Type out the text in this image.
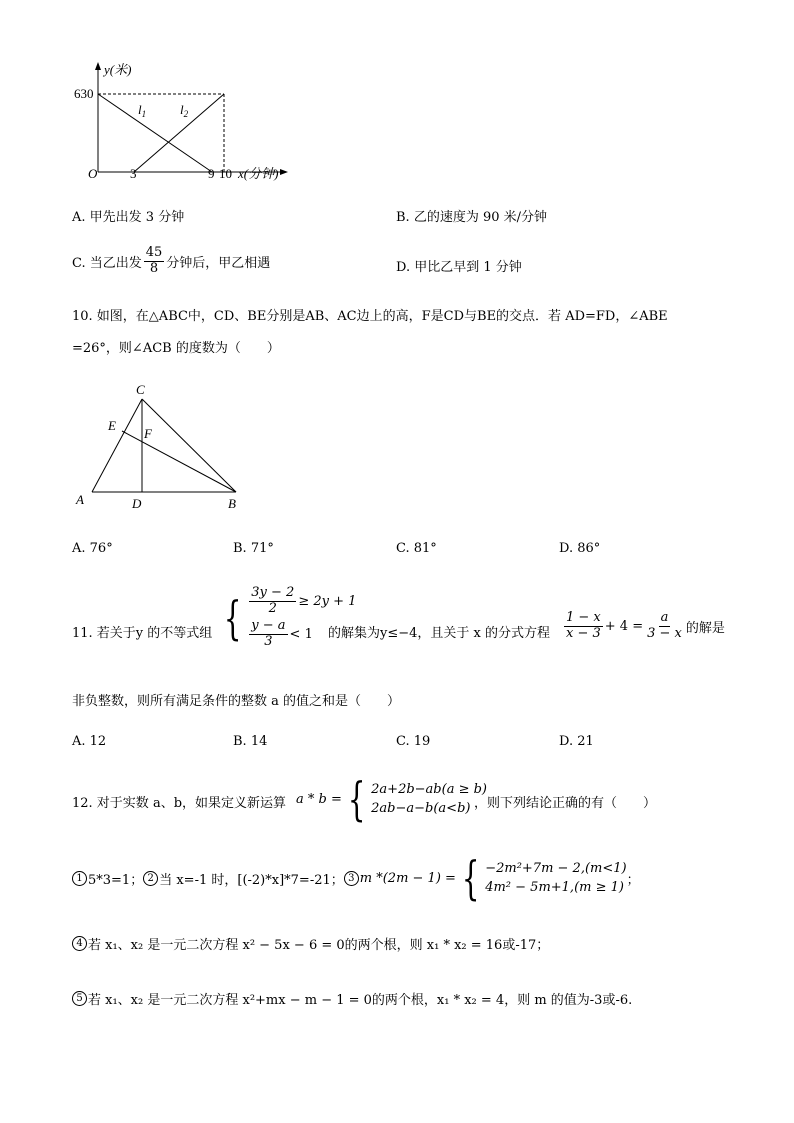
y(米)
630
O	3	9 10 x(分钟)
$l_1$	$l_2$
A. 甲先出发 3 分钟	B. 乙的速度为 90 米/分钟
C. 当乙出发 $\frac{45}{8}$ 分钟后，甲乙相遇	D. 甲比乙早到 1 分钟
10. 如图，在△ABC中，CD、BE分别是AB、AC边上的高，F是CD与BE的交点．若 AD=FD，∠ABE
=26°，则∠ACB 的度数为（　　）
C
E
F
A	D	B
A. 76°	B. 71°	C. 81°	D. 86°
11. 若关于y 的不等式组 { $\frac{3y - 2}{2} \ge 2y + 1$
$\frac{y - a}{3} < 1$ 的解集为y≤−4，且关于 x 的分式方程 $\frac{1 - x}{x - 3} + 4 = \frac{a}{3 - x}$ 的解是
非负整数，则所有满足条件的整数 a 的值之和是（　　）
A. 12	B. 14	C. 19	D. 21
12. 对于实数 a、b，如果定义新运算 a * b = { 2a+2b−ab(a ≥ b)
2ab−a−b(a<b) ，则下列结论正确的有（　　）
1 5*3=1； 2 当 x=-1 时，[(-2)*x]*7=-21； 3 m *(2m − 1) = { −2m²+7m − 2,(m<1)
4m² − 5m+1,(m ≥ 1) ；
4 若 x₁、x₂ 是一元二次方程 x² − 5x − 6 = 0的两个根，则 x₁ * x₂ = 16或-17；
5 若 x₁、x₂ 是一元二次方程 x²+mx − m − 1 = 0的两个根，x₁ * x₂ = 4，则 m 的值为-3或-6.
